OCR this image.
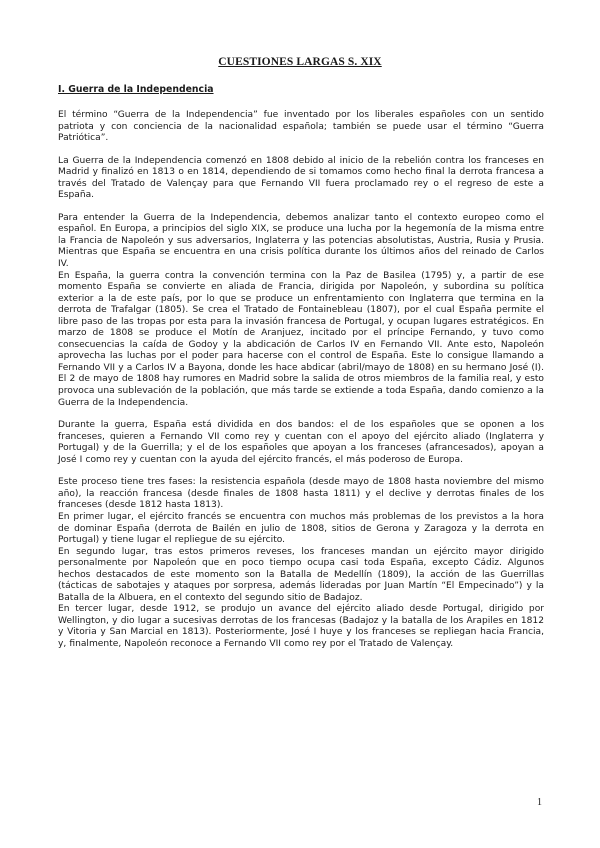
CUESTIONES LARGAS S. XIX
I. Guerra de la Independencia

El término “Guerra de la Independencia” fue inventado por los liberales españoles con un sentido patriota y con conciencia de la nacionalidad española; también se puede usar el término “Guerra Patriótica”.

La Guerra de la Independencia comenzó en 1808 debido al inicio de la rebelión contra los franceses en Madrid y finalizó en 1813 o en 1814, dependiendo de si tomamos como hecho final la derrota francesa a través del Tratado de Valençay para que Fernando VII fuera proclamado rey o el regreso de este a España.

Para entender la Guerra de la Independencia, debemos analizar tanto el contexto europeo como el español. En Europa, a principios del siglo XIX, se produce una lucha por la hegemonía de la misma entre la Francia de Napoleón y sus adversarios, Inglaterra y las potencias absolutistas, Austria, Rusia y Prusia. Mientras que España se encuentra en una crisis política durante los últimos años del reinado de Carlos IV.

En España, la guerra contra la convención termina con la Paz de Basilea (1795) y, a partir de ese momento España se convierte en aliada de Francia, dirigida por Napoleón, y subordina su política exterior a la de este país, por lo que se produce un enfrentamiento con Inglaterra que termina en la derrota de Trafalgar (1805). Se crea el Tratado de Fontainebleau (1807), por el cual España permite el libre paso de las tropas por esta para la invasión francesa de Portugal, y ocupan lugares estratégicos. En marzo de 1808 se produce el Motín de Aranjuez, incitado por el príncipe Fernando, y tuvo como consecuencias la caída de Godoy y la abdicación de Carlos IV en Fernando VII. Ante esto, Napoleón aprovecha las luchas por el poder para hacerse con el control de España. Este lo consigue llamando a Fernando VII y a Carlos IV a Bayona, donde les hace abdicar (abril/mayo de 1808) en su hermano José (I). El 2 de mayo de 1808 hay rumores en Madrid sobre la salida de otros miembros de la familia real, y esto provoca una sublevación de la población, que más tarde se extiende a toda España, dando comienzo a la Guerra de la Independencia.

Durante la guerra, España está dividida en dos bandos: el de los españoles que se oponen a los franceses, quieren a Fernando VII como rey y cuentan con el apoyo del ejército aliado (Inglaterra y Portugal) y de la Guerrilla; y el de los españoles que apoyan a los franceses (afrancesados), apoyan a José I como rey y cuentan con la ayuda del ejército francés, el más poderoso de Europa.

Este proceso tiene tres fases: la resistencia española (desde mayo de 1808 hasta noviembre del mismo año), la reacción francesa (desde finales de 1808 hasta 1811) y el declive y derrotas finales de los franceses (desde 1812 hasta 1813).

En primer lugar, el ejército francés se encuentra con muchos más problemas de los previstos a la hora de dominar España (derrota de Bailén en julio de 1808, sitios de Gerona y Zaragoza y la derrota en Portugal) y tiene lugar el repliegue de su ejército.

En segundo lugar, tras estos primeros reveses, los franceses mandan un ejército mayor dirigido personalmente por Napoleón que en poco tiempo ocupa casi toda España, excepto Cádiz. Algunos hechos destacados de este momento son la Batalla de Medellín (1809), la acción de las Guerrillas (tácticas de sabotajes y ataques por sorpresa, además lideradas por Juan Martín “El Empecinado”) y la Batalla de la Albuera, en el contexto del segundo sitio de Badajoz.

En tercer lugar, desde 1912, se produjo un avance del ejército aliado desde Portugal, dirigido por Wellington, y dio lugar a sucesivas derrotas de los francesas (Badajoz y la batalla de los Arapiles en 1812 y Vitoria y San Marcial en 1813). Posteriormente, José I huye y los franceses se repliegan hacia Francia, y, finalmente, Napoleón reconoce a Fernando VII como rey por el Tratado de Valençay.

1
